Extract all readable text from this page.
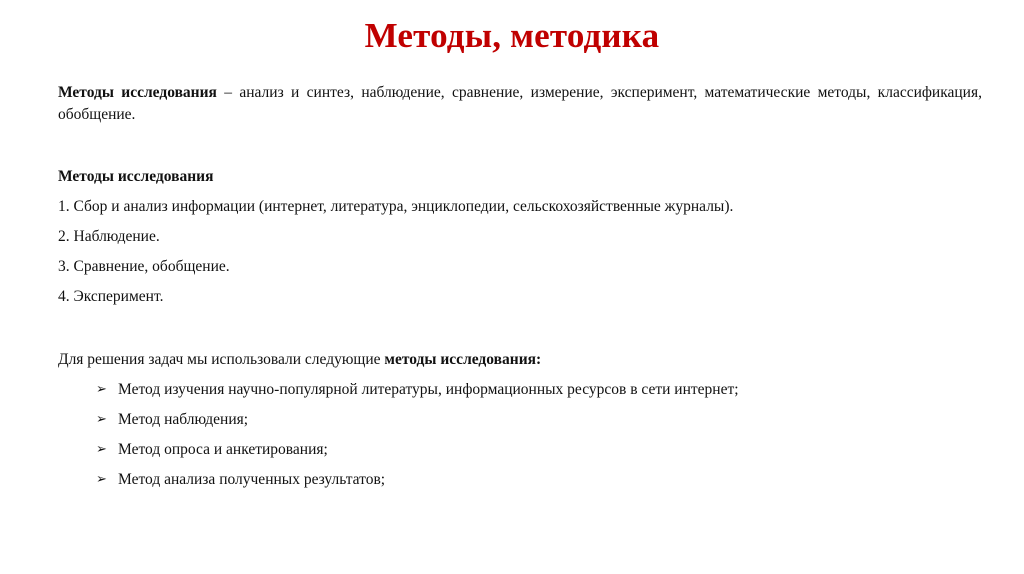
Методы, методика

Методы исследования – анализ и синтез, наблюдение, сравнение, измерение, эксперимент, математические методы, классификация, обобщение.

Методы исследования

1. Сбор и анализ информации (интернет, литература, энциклопедии, сельскохозяйственные журналы).

2. Наблюдение.

3. Сравнение, обобщение.

4. Эксперимент.

Для решения задач мы использовали следующие методы исследования:

➢ Метод изучения научно-популярной литературы, информационных ресурсов в сети интернет;
➢ Метод наблюдения;
➢ Метод опроса и анкетирования;
➢ Метод анализа полученных результатов;
